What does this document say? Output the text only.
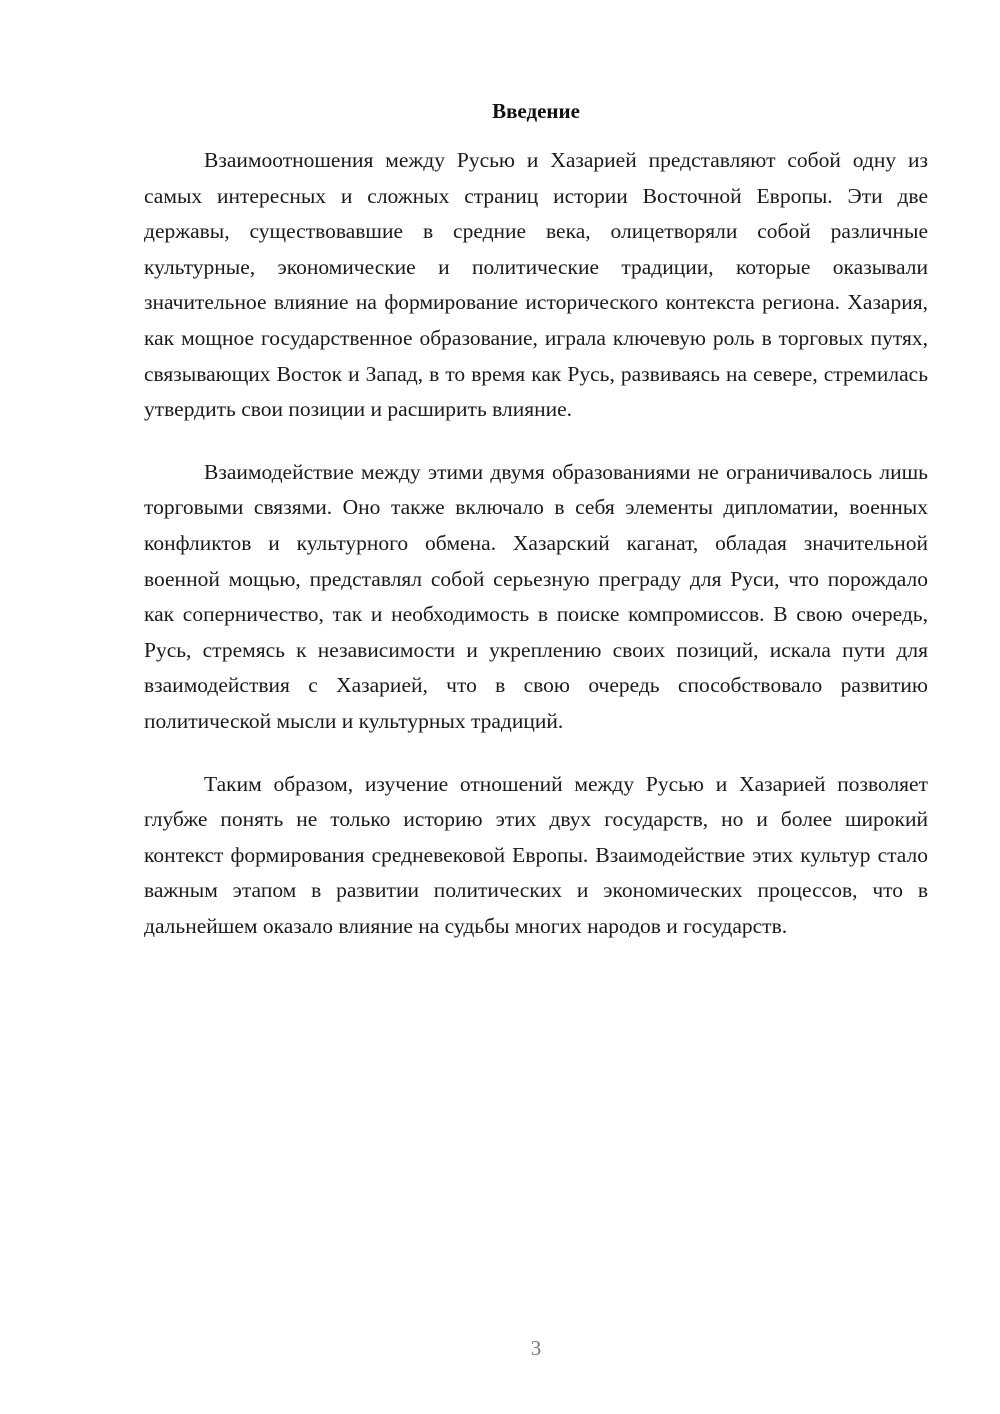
Введение

Взаимоотношения между Русью и Хазарией представляют собой одну из самых интересных и сложных страниц истории Восточной Европы. Эти две державы, существовавшие в средние века, олицетворяли собой различные культурные, экономические и политические традиции, которые оказывали значительное влияние на формирование исторического контекста региона. Хазария, как мощное государственное образование, играла ключевую роль в торговых путях, связывающих Восток и Запад, в то время как Русь, развиваясь на севере, стремилась утвердить свои позиции и расширить влияние.

Взаимодействие между этими двумя образованиями не ограничивалось лишь торговыми связями. Оно также включало в себя элементы дипломатии, военных конфликтов и культурного обмена. Хазарский каганат, обладая значительной военной мощью, представлял собой серьезную преграду для Руси, что порождало как соперничество, так и необходимость в поиске компромиссов. В свою очередь, Русь, стремясь к независимости и укреплению своих позиций, искала пути для взаимодействия с Хазарией, что в свою очередь способствовало развитию политической мысли и культурных традиций.

Таким образом, изучение отношений между Русью и Хазарией позволяет глубже понять не только историю этих двух государств, но и более широкий контекст формирования средневековой Европы. Взаимодействие этих культур стало важным этапом в развитии политических и экономических процессов, что в дальнейшем оказало влияние на судьбы многих народов и государств.

3
